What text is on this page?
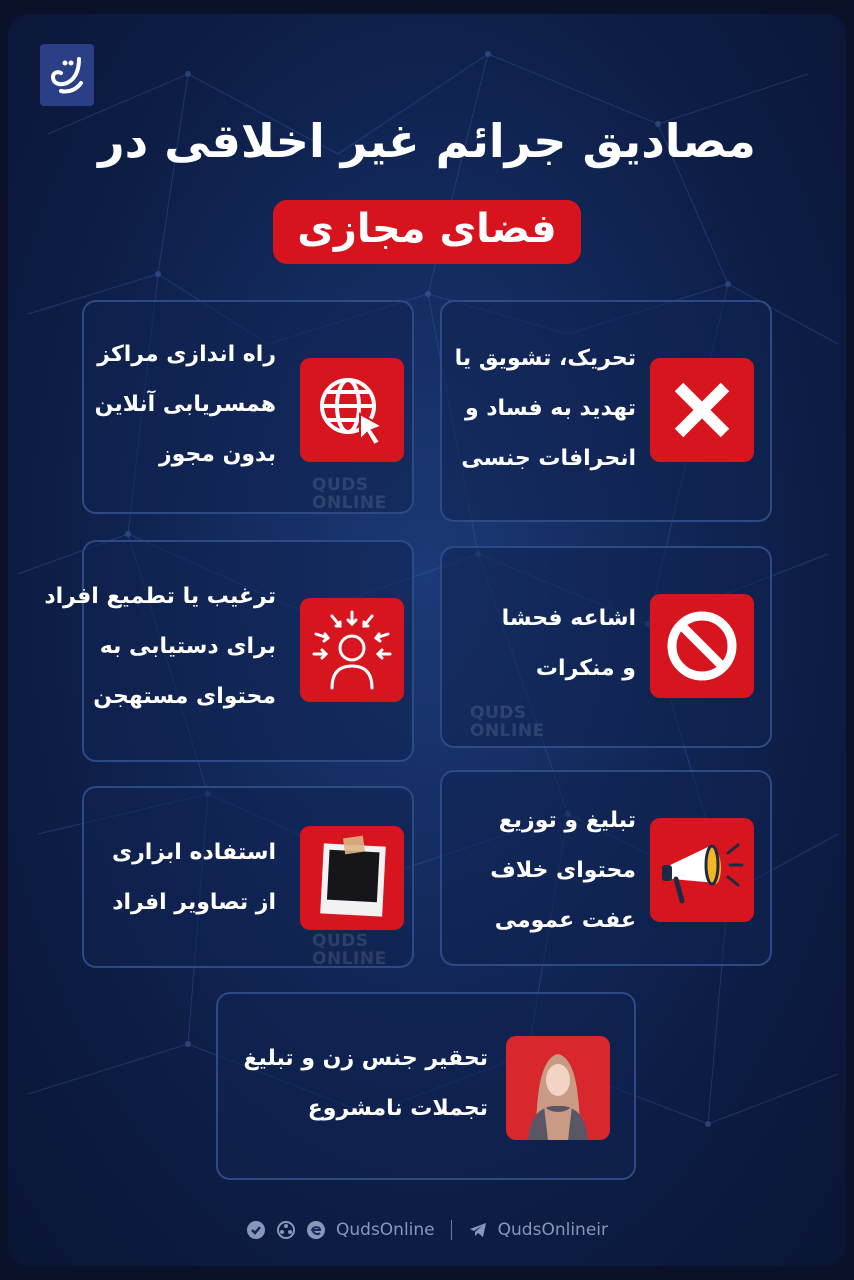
مصادیق جرائم غیر اخلاقی در
فضای مجازی
تحریک، تشویق یا
تهدید به فساد و
انحرافات جنسی
راه اندازی مراکز
همسریابی آنلاین
بدون مجوز
QUDS
ONLINE
اشاعه فحشا
و منکرات
QUDS
ONLINE
ترغیب یا تطمیع افراد
برای دستیابی به
محتوای مستهجن
تبلیغ و توزیع
محتوای خلاف
عفت عمومی
استفاده ابزاری
از تصاویر افراد
QUDS
ONLINE
تحقیر جنس زن و تبلیغ
تجملات نامشروع
QudsOnline	QudsOnlineir
